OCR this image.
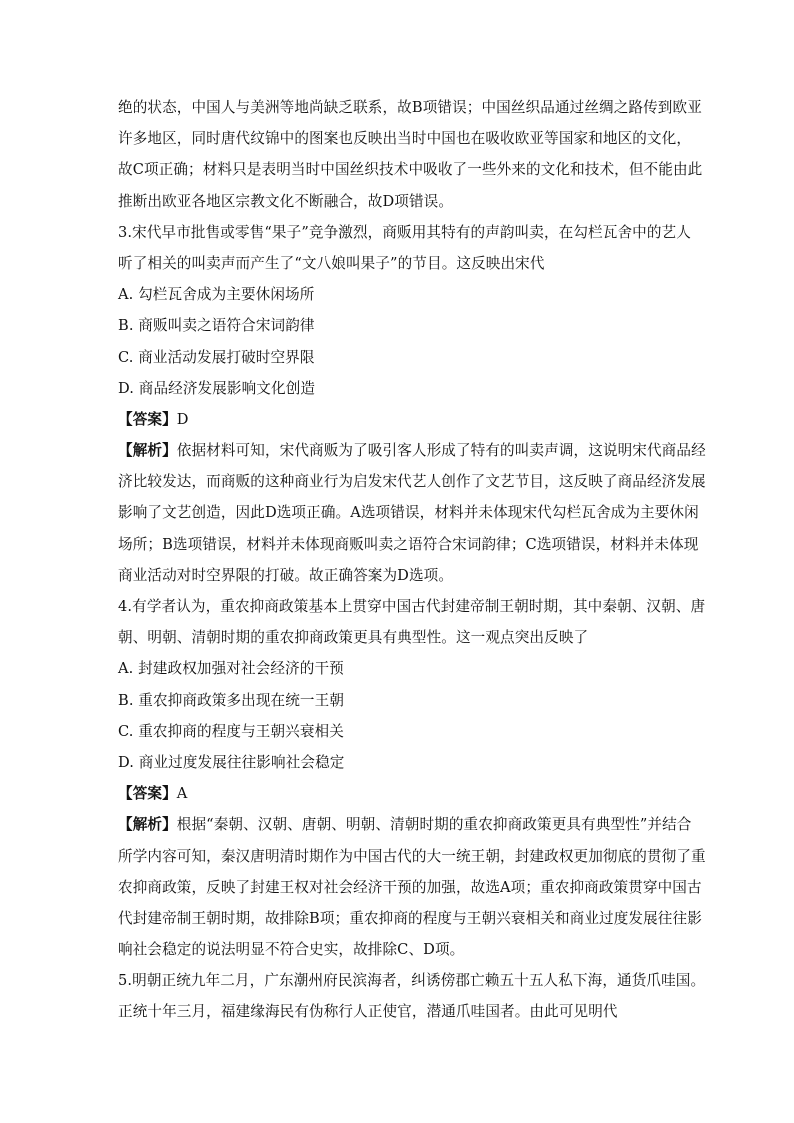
绝的状态，中国人与美洲等地尚缺乏联系，故B项错误；中国丝织品通过丝绸之路传到欧亚
许多地区，同时唐代纹锦中的图案也反映出当时中国也在吸收欧亚等国家和地区的文化，
故C项正确；材料只是表明当时中国丝织技术中吸收了一些外来的文化和技术，但不能由此
推断出欧亚各地区宗教文化不断融合，故D项错误。
3.宋代早市批售或零售“果子”竞争激烈，商贩用其特有的声韵叫卖，在勾栏瓦舍中的艺人
听了相关的叫卖声而产生了“文八娘叫果子”的节目。这反映出宋代
A. 勾栏瓦舍成为主要休闲场所
B. 商贩叫卖之语符合宋词韵律
C. 商业活动发展打破时空界限
D. 商品经济发展影响文化创造
【答案】D
【解析】依据材料可知，宋代商贩为了吸引客人形成了特有的叫卖声调，这说明宋代商品经
济比较发达，而商贩的这种商业行为启发宋代艺人创作了文艺节目，这反映了商品经济发展
影响了文艺创造，因此D选项正确。A选项错误，材料并未体现宋代勾栏瓦舍成为主要休闲
场所；B选项错误，材料并未体现商贩叫卖之语符合宋词韵律；C选项错误，材料并未体现
商业活动对时空界限的打破。故正确答案为D选项。
4.有学者认为，重农抑商政策基本上贯穿中国古代封建帝制王朝时期，其中秦朝、汉朝、唐
朝、明朝、清朝时期的重农抑商政策更具有典型性。这一观点突出反映了
A. 封建政权加强对社会经济的干预
B. 重农抑商政策多出现在统一王朝
C. 重农抑商的程度与王朝兴衰相关
D. 商业过度发展往往影响社会稳定
【答案】A
【解析】根据“秦朝、汉朝、唐朝、明朝、清朝时期的重农抑商政策更具有典型性”并结合
所学内容可知，秦汉唐明清时期作为中国古代的大一统王朝，封建政权更加彻底的贯彻了重
农抑商政策，反映了封建王权对社会经济干预的加强，故选A项；重农抑商政策贯穿中国古
代封建帝制王朝时期，故排除B项；重农抑商的程度与王朝兴衰相关和商业过度发展往往影
响社会稳定的说法明显不符合史实，故排除C、D项。
5.明朝正统九年二月，广东潮州府民滨海者，纠诱傍郡亡赖五十五人私下海，通货爪哇国。
正统十年三月，福建缘海民有伪称行人正使官，潜通爪哇国者。由此可见明代
